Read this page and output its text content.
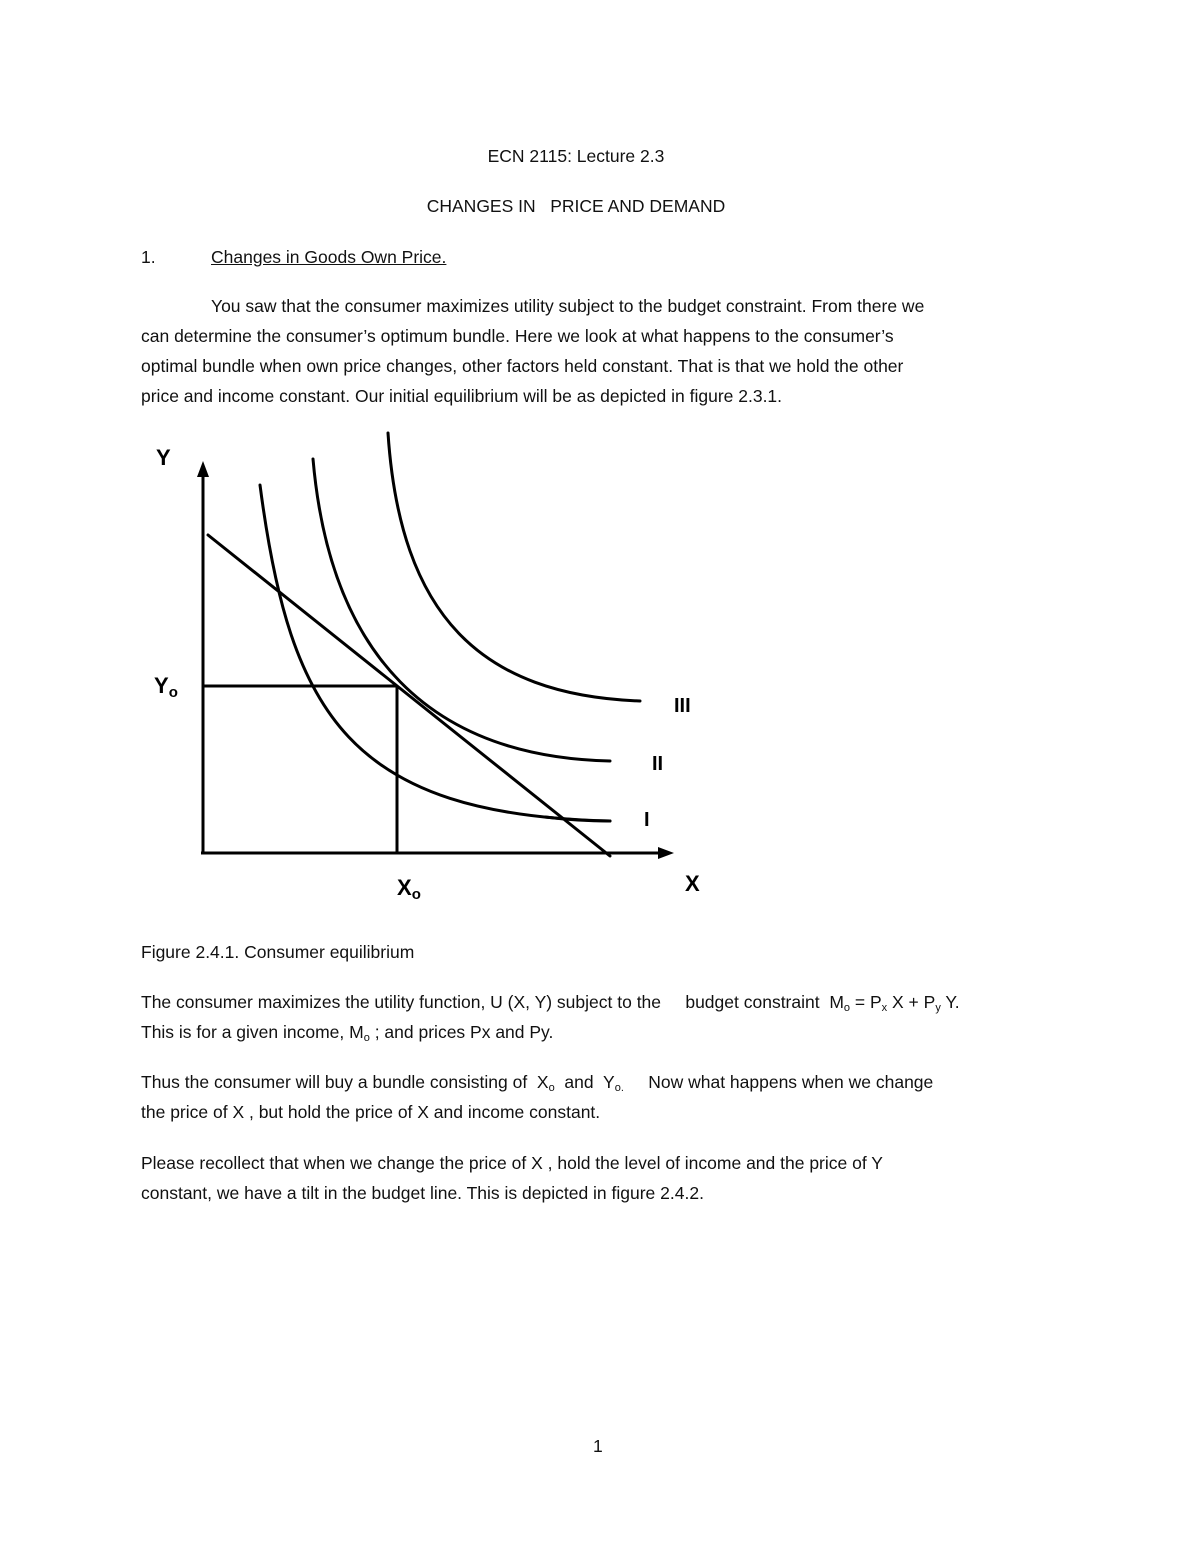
ECN 2115: Lecture 2.3
CHANGES IN   PRICE AND DEMAND
1.	Changes in Goods Own Price.
You saw that the consumer maximizes utility subject to the budget constraint. From there we
can determine the consumer’s optimum bundle. Here we look at what happens to the consumer’s
optimal bundle when own price changes, other factors held constant. That is that we hold the other
price and income constant. Our initial equilibrium will be as depicted in figure 2.3.1.
Y
X
Yo
Xo
III
II
I
Figure 2.4.1. Consumer equilibrium
The consumer maximizes the utility function, U (X, Y) subject to the     budget constraint  $M_o = P_x$ $X + P_y$ Y.
This is for a given income, $M_o$ ; and prices Px and Py.
Thus the consumer will buy a bundle consisting of  $X_o$  and  $Y_{o.}$     Now what happens when we change
the price of X , but hold the price of X and income constant.
Please recollect that when we change the price of X , hold the level of income and the price of Y
constant, we have a tilt in the budget line. This is depicted in figure 2.4.2.
1
